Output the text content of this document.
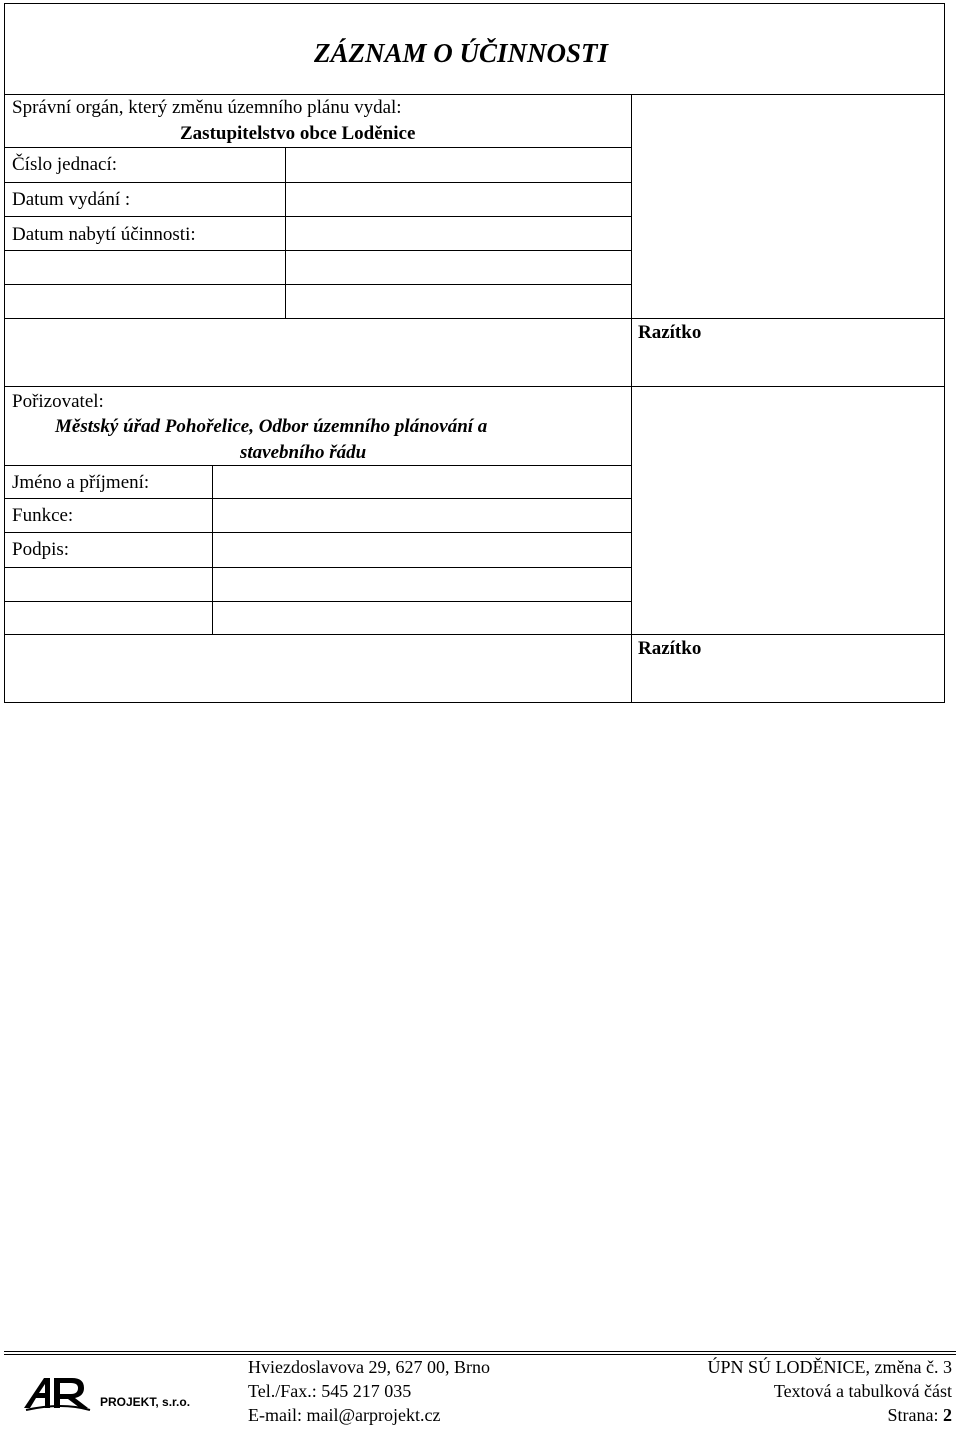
ZÁZNAM O ÚČINNOSTI
Správní orgán, který změnu územního plánu vydal:
Zastupitelstvo obce Loděnice
Číslo jednací:
Datum vydání :
Datum nabytí účinnosti:
Razítko
Pořizovatel:
Městský úřad Pohořelice, Odbor územního plánování a
stavebního řádu
Jméno a příjmení:
Funkce:
Podpis:
Razítko
PROJEKT, s.r.o.
Hviezdoslavova 29, 627 00, Brno
Tel./Fax.: 545 217 035
E-mail: mail@arprojekt.cz
ÚPN SÚ LODĚNICE, změna č. 3
Textová a tabulková část
Strana: 2
